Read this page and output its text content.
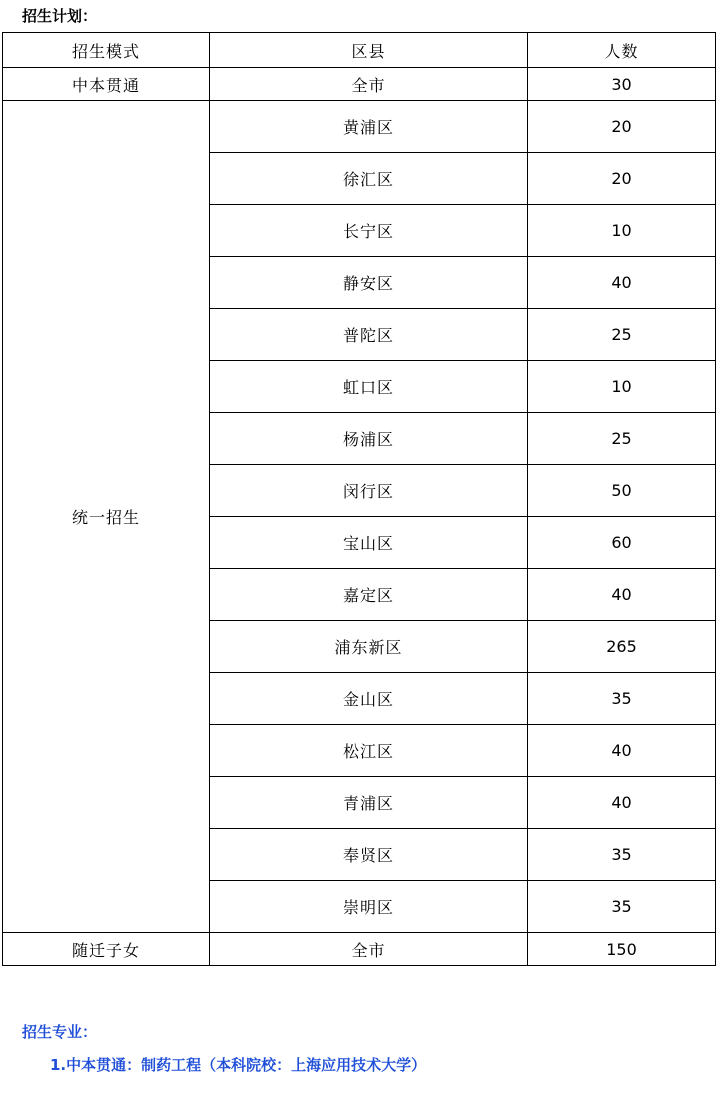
招生计划：
招生模式	区县	人数
中本贯通	全市	30
统一招生	黄浦区	20
	徐汇区	20
	长宁区	10
	静安区	40
	普陀区	25
	虹口区	10
	杨浦区	25
	闵行区	50
	宝山区	60
	嘉定区	40
	浦东新区	265
	金山区	35
	松江区	40
	青浦区	40
	奉贤区	35
	崇明区	35
随迁子女	全市	150
招生专业：
1.中本贯通：制药工程（本科院校：上海应用技术大学）
